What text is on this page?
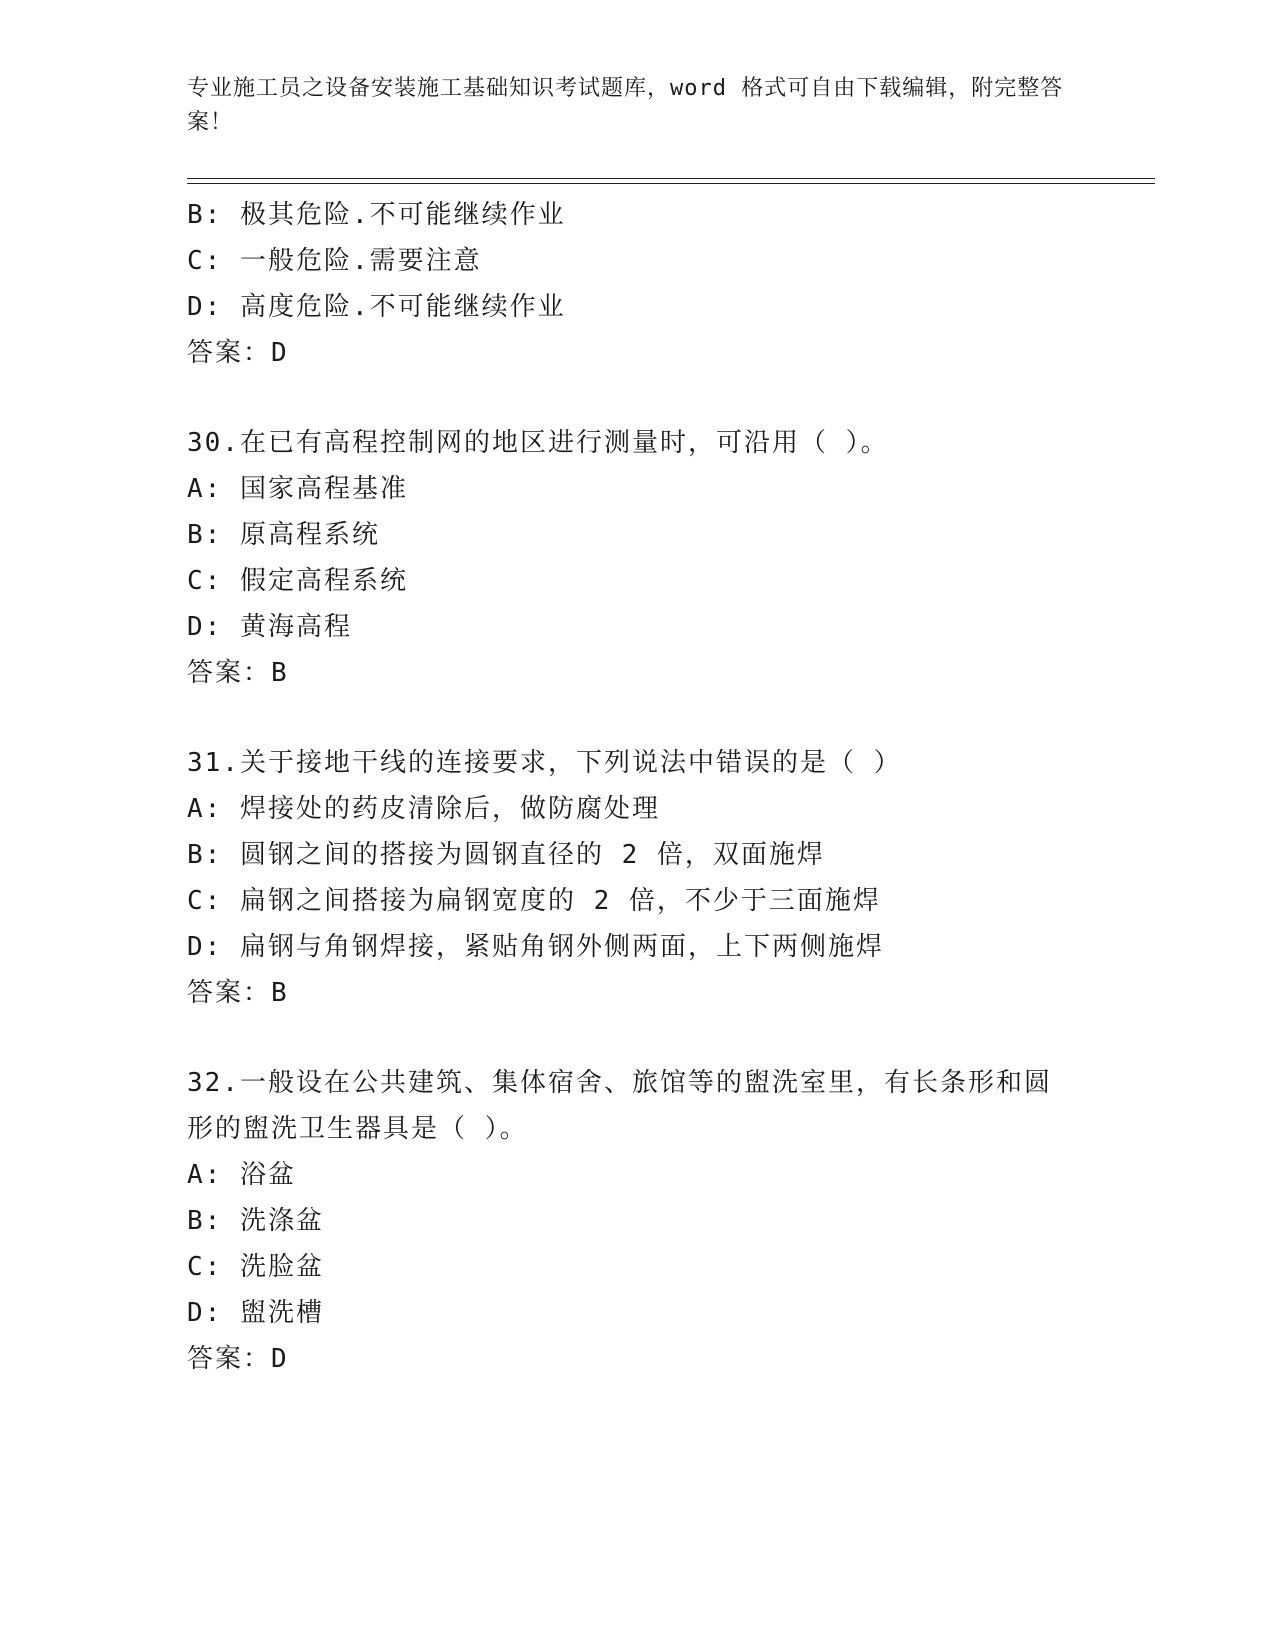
专业施工员之设备安装施工基础知识考试题库，word 格式可自由下载编辑，附完整答案！
B: 极其危险.不可能继续作业
C: 一般危险.需要注意
D: 高度危险.不可能继续作业
答案：D
30.在已有高程控制网的地区进行测量时，可沿用（ ）。
A: 国家高程基准
B: 原高程系统
C: 假定高程系统
D: 黄海高程
答案：B
31.关于接地干线的连接要求，下列说法中错误的是（ ）
A: 焊接处的药皮清除后，做防腐处理
B: 圆钢之间的搭接为圆钢直径的 2 倍，双面施焊
C: 扁钢之间搭接为扁钢宽度的 2 倍，不少于三面施焊
D: 扁钢与角钢焊接，紧贴角钢外侧两面，上下两侧施焊
答案：B
32.一般设在公共建筑、集体宿舍、旅馆等的盥洗室里，有长条形和圆形的盥洗卫生器具是（ ）。
A: 浴盆
B: 洗涤盆
C: 洗脸盆
D: 盥洗槽
答案：D
